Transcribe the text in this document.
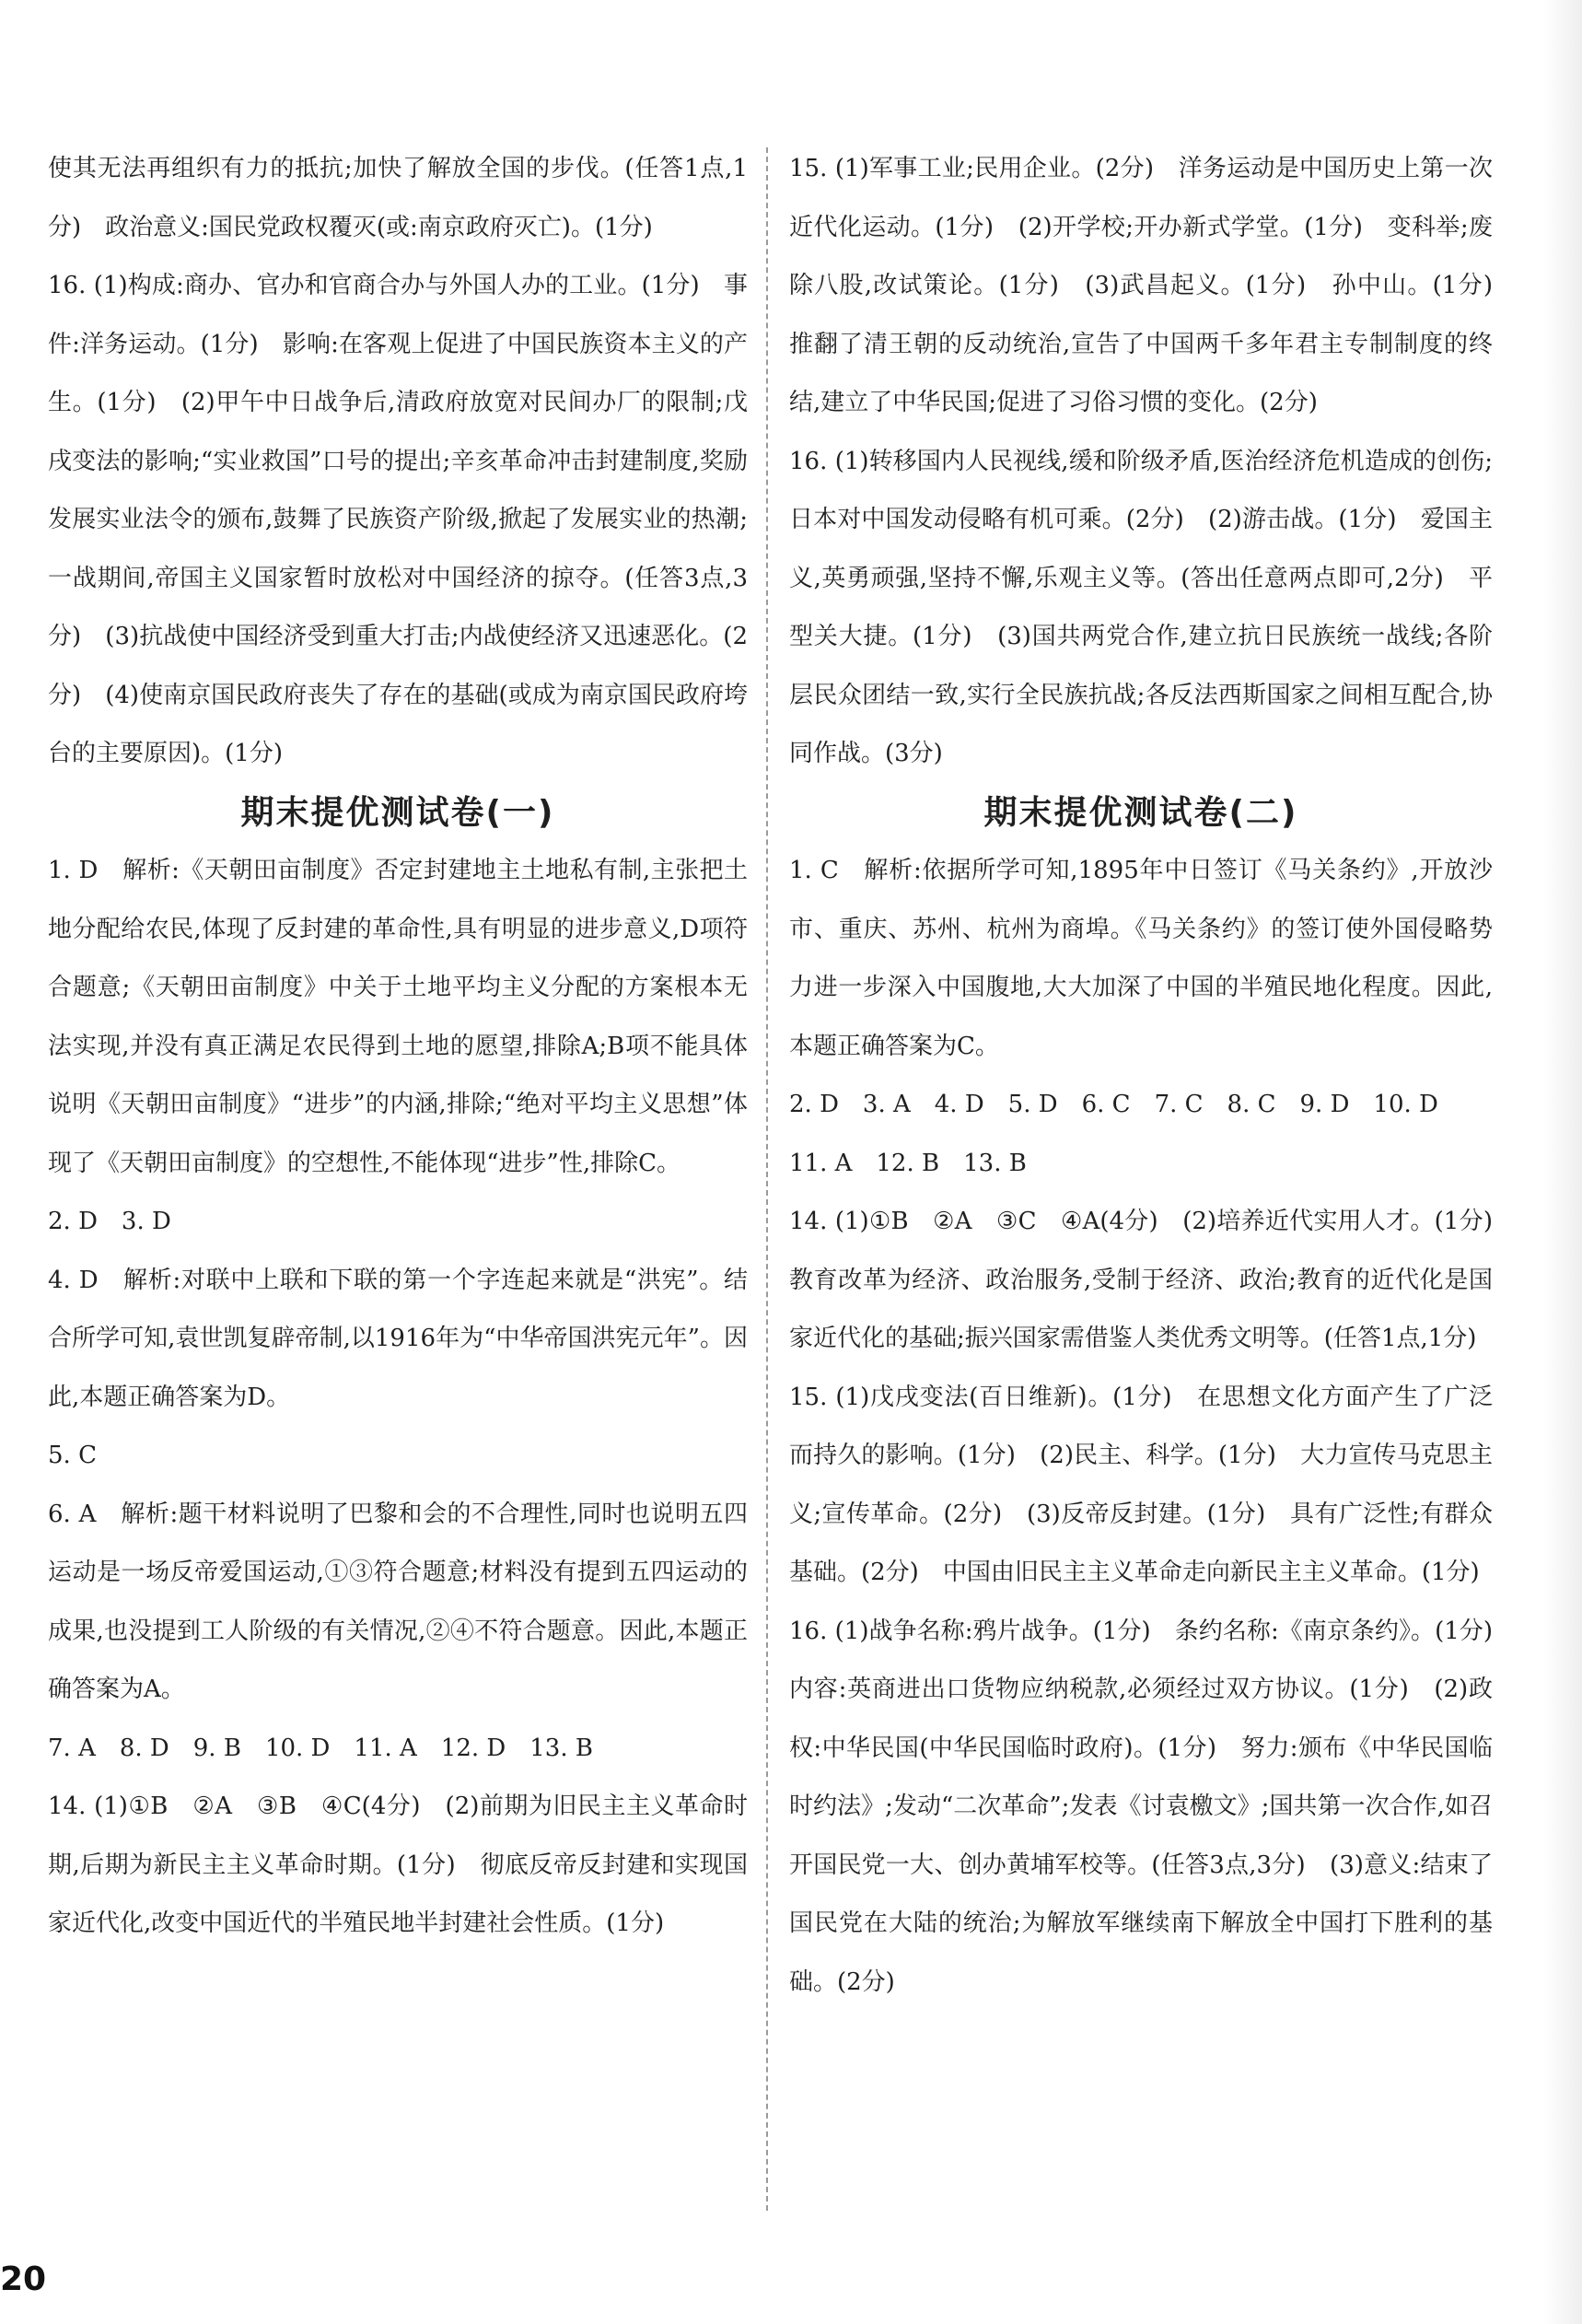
使其无法再组织有力的抵抗;加快了解放全国的步伐。(任答1点,1分)　政治意义:国民党政权覆灭(或:南京政府灭亡)。(1分)

16. (1)构成:商办、官办和官商合办与外国人办的工业。(1分)　事件:洋务运动。(1分)　影响:在客观上促进了中国民族资本主义的产生。(1分)　(2)甲午中日战争后,清政府放宽对民间办厂的限制;戊戌变法的影响;“实业救国”口号的提出;辛亥革命冲击封建制度,奖励发展实业法令的颁布,鼓舞了民族资产阶级,掀起了发展实业的热潮;一战期间,帝国主义国家暂时放松对中国经济的掠夺。(任答3点,3分)　(3)抗战使中国经济受到重大打击;内战使经济又迅速恶化。(2分)　(4)使南京国民政府丧失了存在的基础(或成为南京国民政府垮台的主要原因)。(1分)

期末提优测试卷(一)

1. D　解析:《天朝田亩制度》否定封建地主土地私有制,主张把土地分配给农民,体现了反封建的革命性,具有明显的进步意义,D项符合题意;《天朝田亩制度》中关于土地平均主义分配的方案根本无法实现,并没有真正满足农民得到土地的愿望,排除A;B项不能具体说明《天朝田亩制度》“进步”的内涵,排除;“绝对平均主义思想”体现了《天朝田亩制度》的空想性,不能体现“进步”性,排除C。

2. D　3. D

4. D　解析:对联中上联和下联的第一个字连起来就是“洪宪”。结合所学可知,袁世凯复辟帝制,以1916年为“中华帝国洪宪元年”。因此,本题正确答案为D。

5. C

6. A　解析:题干材料说明了巴黎和会的不合理性,同时也说明五四运动是一场反帝爱国运动,①③符合题意;材料没有提到五四运动的成果,也没提到工人阶级的有关情况,②④不符合题意。因此,本题正确答案为A。

7. A　8. D　9. B　10. D　11. A　12. D　13. B

14. (1)①B　②A　③B　④C(4分)　(2)前期为旧民主主义革命时期,后期为新民主主义革命时期。(1分)　彻底反帝反封建和实现国家近代化,改变中国近代的半殖民地半封建社会性质。(1分)

15. (1)军事工业;民用企业。(2分)　洋务运动是中国历史上第一次近代化运动。(1分)　(2)开学校;开办新式学堂。(1分)　变科举;废除八股,改试策论。(1分)　(3)武昌起义。(1分)　孙中山。(1分)　推翻了清王朝的反动统治,宣告了中国两千多年君主专制制度的终结,建立了中华民国;促进了习俗习惯的变化。(2分)

16. (1)转移国内人民视线,缓和阶级矛盾,医治经济危机造成的创伤;日本对中国发动侵略有机可乘。(2分)　(2)游击战。(1分)　爱国主义,英勇顽强,坚持不懈,乐观主义等。(答出任意两点即可,2分)　平型关大捷。(1分)　(3)国共两党合作,建立抗日民族统一战线;各阶层民众团结一致,实行全民族抗战;各反法西斯国家之间相互配合,协同作战。(3分)

期末提优测试卷(二)

1. C　解析:依据所学可知,1895年中日签订《马关条约》,开放沙市、重庆、苏州、杭州为商埠。《马关条约》的签订使外国侵略势力进一步深入中国腹地,大大加深了中国的半殖民地化程度。因此,本题正确答案为C。

2. D　3. A　4. D　5. D　6. C　7. C　8. C　9. D　10. D

11. A　12. B　13. B

14. (1)①B　②A　③C　④A(4分)　(2)培养近代实用人才。(1分)　教育改革为经济、政治服务,受制于经济、政治;教育的近代化是国家近代化的基础;振兴国家需借鉴人类优秀文明等。(任答1点,1分)

15. (1)戊戌变法(百日维新)。(1分)　在思想文化方面产生了广泛而持久的影响。(1分)　(2)民主、科学。(1分)　大力宣传马克思主义;宣传革命。(2分)　(3)反帝反封建。(1分)　具有广泛性;有群众基础。(2分)　中国由旧民主主义革命走向新民主主义革命。(1分)

16. (1)战争名称:鸦片战争。(1分)　条约名称:《南京条约》。(1分)　内容:英商进出口货物应纳税款,必须经过双方协议。(1分)　(2)政权:中华民国(中华民国临时政府)。(1分)　努力:颁布《中华民国临时约法》;发动“二次革命”;发表《讨袁檄文》;国共第一次合作,如召开国民党一大、创办黄埔军校等。(任答3点,3分)　(3)意义:结束了国民党在大陆的统治;为解放军继续南下解放全中国打下胜利的基础。(2分)

20
